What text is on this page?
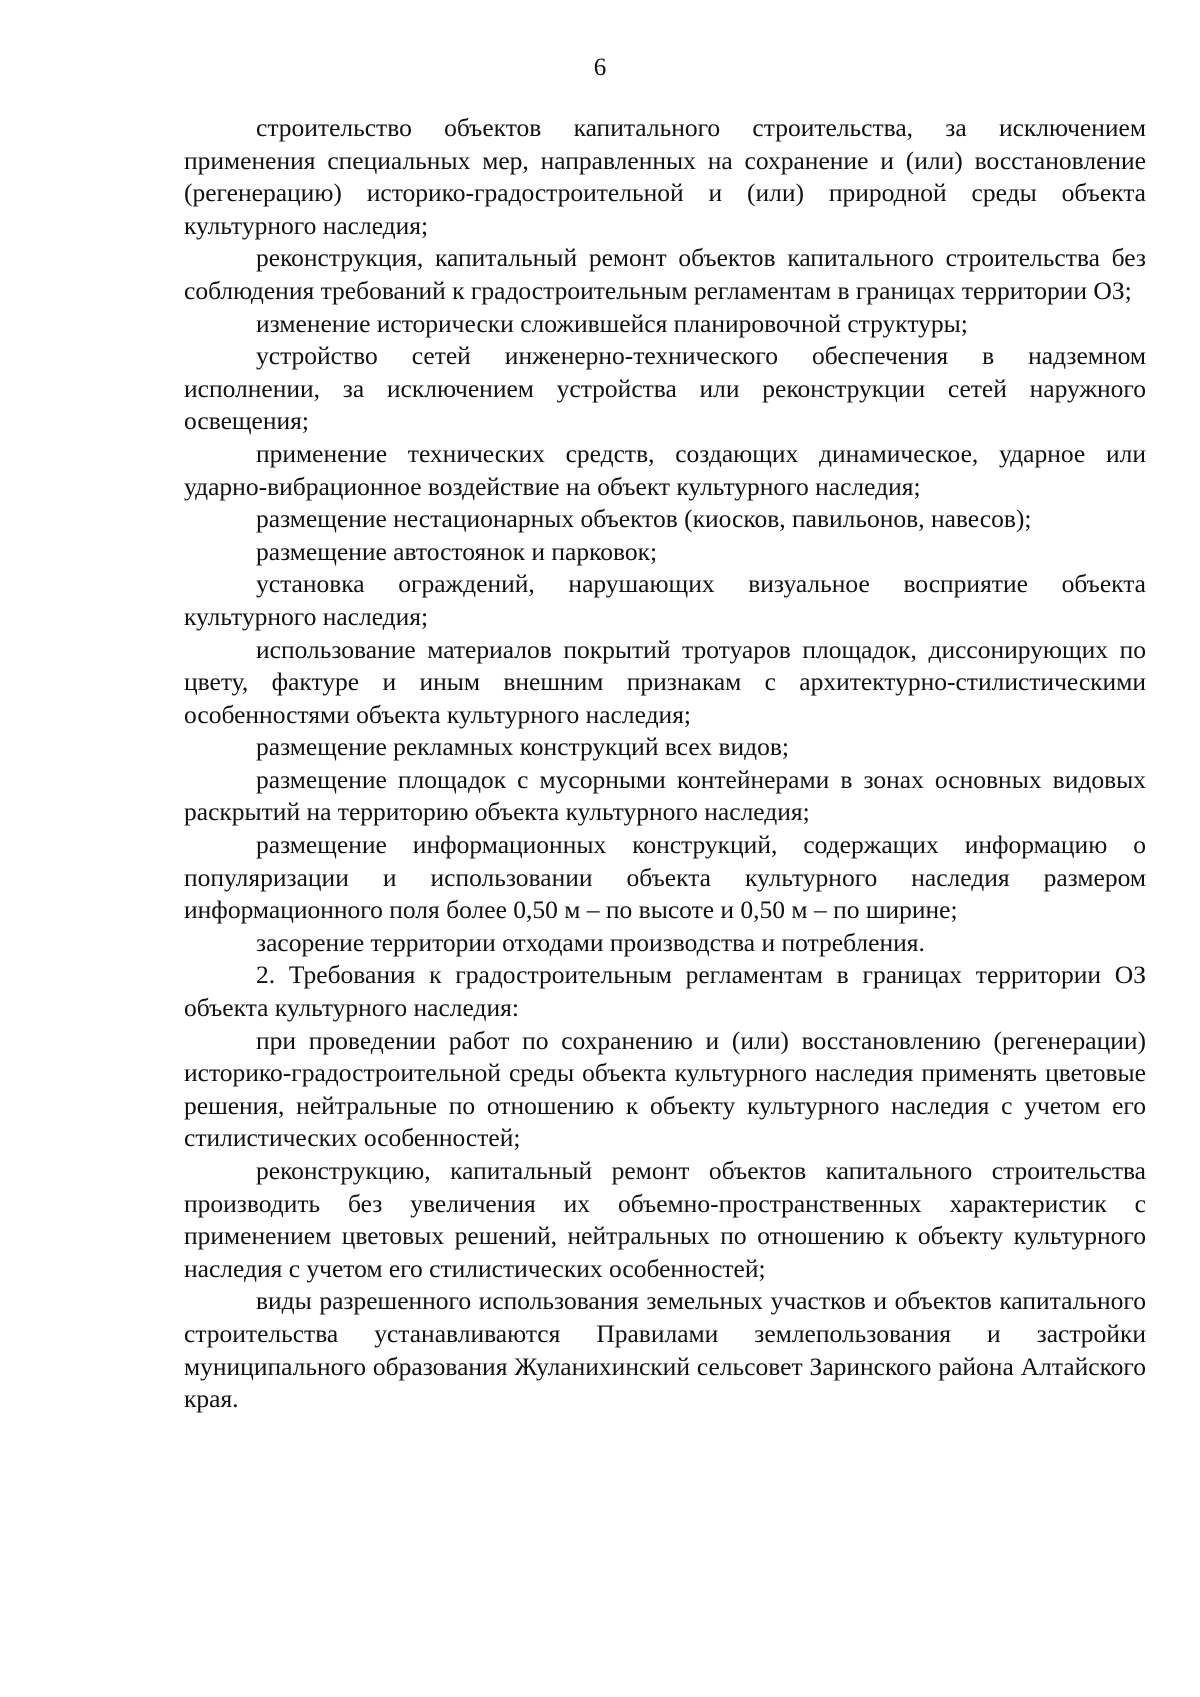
6

строительство объектов капитального строительства, за исключением применения специальных мер, направленных на сохранение и (или) восстановление (регенерацию) историко-градостроительной и (или) природной среды объекта культурного наследия;

реконструкция, капитальный ремонт объектов капитального строительства без соблюдения требований к градостроительным регламентам в границах территории ОЗ;

изменение исторически сложившейся планировочной структуры;

устройство сетей инженерно-технического обеспечения в надземном исполнении, за исключением устройства или реконструкции сетей наружного освещения;

применение технических средств, создающих динамическое, ударное или ударно-вибрационное воздействие на объект культурного наследия;

размещение нестационарных объектов (киосков, павильонов, навесов);

размещение автостоянок и парковок;

установка ограждений, нарушающих визуальное восприятие объекта культурного наследия;

использование материалов покрытий тротуаров площадок, диссонирующих по цвету, фактуре и иным внешним признакам с архитектурно-стилистическими особенностями объекта культурного наследия;

размещение рекламных конструкций всех видов;

размещение площадок с мусорными контейнерами в зонах основных видовых раскрытий на территорию объекта культурного наследия;

размещение информационных конструкций, содержащих информацию о популяризации и использовании объекта культурного наследия размером информационного поля более 0,50 м – по высоте и 0,50 м – по ширине;

засорение территории отходами производства и потребления.

2. Требования к градостроительным регламентам в границах территории ОЗ объекта культурного наследия:

при проведении работ по сохранению и (или) восстановлению (регенерации) историко-градостроительной среды объекта культурного наследия применять цветовые решения, нейтральные по отношению к объекту культурного наследия с учетом его стилистических особенностей;

реконструкцию, капитальный ремонт объектов капитального строительства производить без увеличения их объемно-пространственных характеристик с применением цветовых решений, нейтральных по отношению к объекту культурного наследия с учетом его стилистических особенностей;

виды разрешенного использования земельных участков и объектов капитального строительства устанавливаются Правилами землепользования и застройки муниципального образования Жуланихинский сельсовет Заринского района Алтайского края.
